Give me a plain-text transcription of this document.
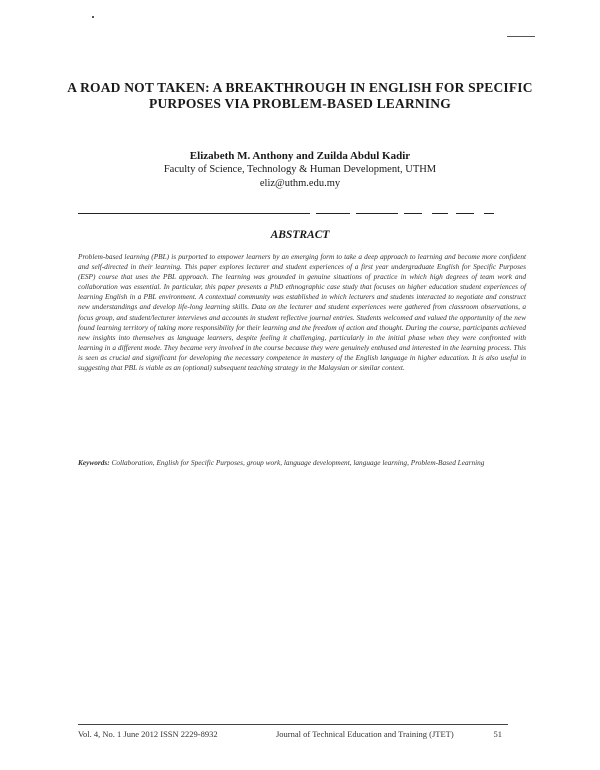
A ROAD NOT TAKEN: A BREAKTHROUGH IN ENGLISH FOR SPECIFIC PURPOSES VIA PROBLEM-BASED LEARNING
Elizabeth M. Anthony and Zuilda Abdul Kadir
Faculty of Science, Technology & Human Development, UTHM
eliz@uthm.edu.my
ABSTRACT

Problem-based learning (PBL) is purported to empower learners by an emerging form to take a deep approach to learning and become more confident and self-directed in their learning. This paper explores lecturer and student experiences of a first year undergraduate English for Specific Purposes (ESP) course that uses the PBL approach. The learning was grounded in genuine situations of practice in which high degrees of team work and collaboration was essential. In particular, this paper presents a PhD ethnographic case study that focuses on higher education student experiences of learning English in a PBL environment. A contextual community was established in which lecturers and students interacted to negotiate and construct new understandings and develop life-long learning skills. Data on the lecturer and student experiences were gathered from classroom observations, a focus group, and student/lecturer interviews and accounts in student reflective journal entries. Students welcomed and valued the opportunity of the new found learning territory of taking more responsibility for their learning and the freedom of action and thought. During the course, participants achieved new insights into themselves as language learners, despite feeling it challenging, particularly in the initial phase when they were confronted with learning in a different mode. They became very involved in the course because they were genuinely enthused and interested in the learning process. This is seen as crucial and significant for developing the necessary competence in mastery of the English language in higher education. It is also useful in suggesting that PBL is viable as an (optional) subsequent teaching strategy in the Malaysian or similar context.

Keywords: Collaboration, English for Specific Purposes, group work, language development, language learning, Problem-Based Learning

Vol. 4, No. 1 June 2012 ISSN 2229-8932	Journal of Technical Education and Training (JTET)	51
